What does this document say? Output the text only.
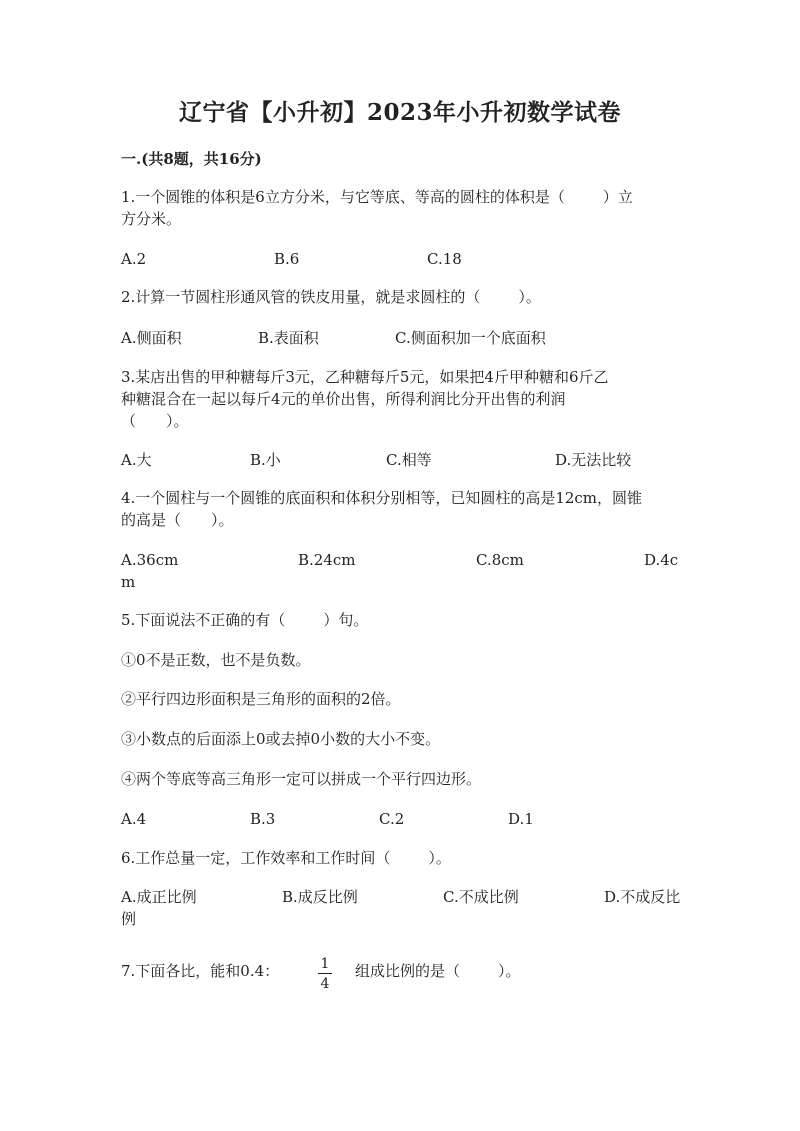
辽宁省【小升初】2023年小升初数学试卷
一.(共8题，共16分)
1.一个圆锥的体积是6立方分米，与它等底、等高的圆柱的体积是（	）立
方分米。
A.2	B.6	C.18
2.计算一节圆柱形通风管的铁皮用量，就是求圆柱的（	）。
A.侧面积	B.表面积	C.侧面积加一个底面积
3.某店出售的甲种糖每斤3元，乙种糖每斤5元，如果把4斤甲种糖和6斤乙
种糖混合在一起以每斤4元的单价出售，所得利润比分开出售的利润
（ ）。
A.大	B.小	C.相等	D.无法比较
4.一个圆柱与一个圆锥的底面积和体积分别相等，已知圆柱的高是12cm，圆锥
的高是（ ）。
A.36cm	B.24cm	C.8cm	D.4cm
5.下面说法不正确的有（	）句。
①0不是正数，也不是负数。
②平行四边形面积是三角形的面积的2倍。
③小数点的后面添上0或去掉0小数的大小不变。
④两个等底等高三角形一定可以拼成一个平行四边形。
A.4	B.3	C.2	D.1
6.工作总量一定，工作效率和工作时间（	）。
A.成正比例	B.成反比例	C.不成比例	D.不成反比例
7.下面各比，能和0.4：	$\frac{1}{4}$ 组成比例的是（	）。
